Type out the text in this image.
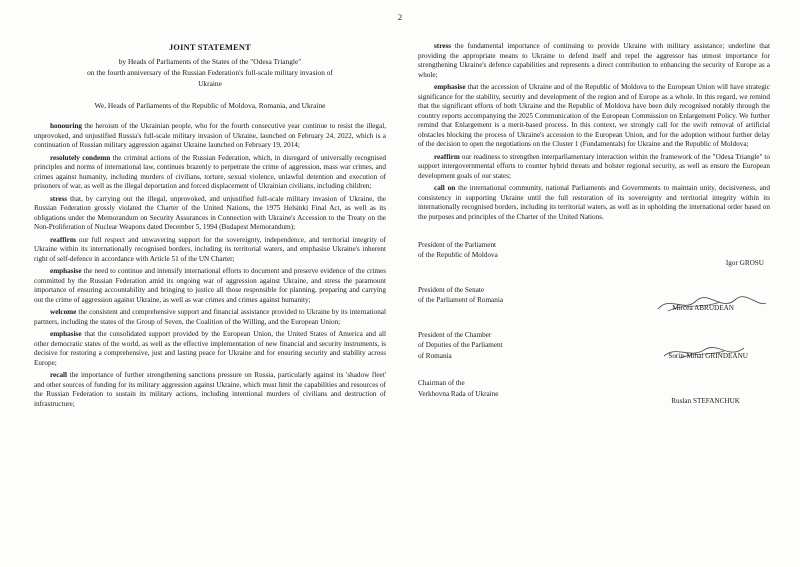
2
JOINT STATEMENT
by Heads of Parliaments of the States of the "Odesa Triangle"
on the fourth anniversary of the Russian Federation's full-scale military invasion of
Ukraine
We, Heads of Parliaments of the Republic of Moldova, Romania, and Ukraine

honouring the heroism of the Ukrainian people, who for the fourth consecutive year continue to resist the illegal, unprovoked, and unjustified Russia's full-scale military invasion of Ukraine, launched on February 24, 2022, which is a continuation of Russian military aggression against Ukraine launched on February 19, 2014;

resolutely condemn the criminal actions of the Russian Federation, which, in disregard of universally recognised principles and norms of international law, continues brazenly to perpetrate the crime of aggression, mass war crimes, and crimes against humanity, including murders of civilians, torture, sexual violence, unlawful detention and execution of prisoners of war, as well as the illegal deportation and forced displacement of Ukrainian civilians, including children;

stress that, by carrying out the illegal, unprovoked, and unjustified full-scale military invasion of Ukraine, the Russian Federation grossly violated the Charter of the United Nations, the 1975 Helsinki Final Act, as well as its obligations under the Memorandum on Security Assurances in Connection with Ukraine's Accession to the Treaty on the Non-Proliferation of Nuclear Weapons dated December 5, 1994 (Budapest Memorandum);

reaffirm our full respect and unwavering support for the sovereignty, independence, and territorial integrity of Ukraine within its internationally recognised borders, including its territorial waters, and emphasise Ukraine's inherent right of self-defence in accordance with Article 51 of the UN Charter;

emphasise the need to continue and intensify international efforts to document and preserve evidence of the crimes committed by the Russian Federation amid its ongoing war of aggression against Ukraine, and stress the paramount importance of ensuring accountability and bringing to justice all those responsible for planning, preparing and carrying out the crime of aggression against Ukraine, as well as war crimes and crimes against humanity;

welcome the consistent and comprehensive support and financial assistance provided to Ukraine by its international partners, including the states of the Group of Seven, the Coalition of the Willing, and the European Union;

emphasise that the consolidated support provided by the European Union, the United States of America and all other democratic states of the world, as well as the effective implementation of new financial and security instruments, is decisive for restoring a comprehensive, just and lasting peace for Ukraine and for ensuring security and stability across Europe;

recall the importance of further strengthening sanctions pressure on Russia, particularly against its 'shadow fleet' and other sources of funding for its military aggression against Ukraine, which must limit the capabilities and resources of the Russian Federation to sustain its military actions, including intentional murders of civilians and destruction of infrastructure;

stress the fundamental importance of continuing to provide Ukraine with military assistance; underline that providing the appropriate means to Ukraine to defend itself and repel the aggressor has utmost importance for strengthening Ukraine's defence capabilities and represents a direct contribution to enhancing the security of Europe as a whole;

emphasise that the accession of Ukraine and of the Republic of Moldova to the European Union will have strategic significance for the stability, security and development of the region and of Europe as a whole. In this regard, we remind that the significant efforts of both Ukraine and the Republic of Moldova have been duly recognised notably through the country reports accompanying the 2025 Communication of the European Commission on Enlargement Policy. We further remind that Enlargement is a merit-based process. In this context, we strongly call for the swift removal of artificial obstacles blocking the process of Ukraine's accession to the European Union, and for the adoption without further delay of the decision to open the negotiations on the Cluster 1 (Fundamentals) for Ukraine and the Republic of Moldova;

reaffirm our readiness to strengthen interparliamentary interaction within the framework of the "Odesa Triangle" to support intergovernmental efforts to counter hybrid threats and bolster regional security, as well as ensure the European development goals of our states;

call on the international community, national Parliaments and Governments to maintain unity, decisiveness, and consistency in supporting Ukraine until the full restoration of its sovereignty and territorial integrity within its internationally recognised borders, including its territorial waters, as well as in upholding the international order based on the purposes and principles of the Charter of the United Nations.

President of the Parliament
of the Republic of Moldova
Igor GROSU
President of the Senate
of the Parliament of Romania
Mircea ABRUDEAN
President of the Chamber
of Deputies of the Parliament
of Romania	Sorin-Mihai GRINDEANU
Chairman of the
Verkhovna Rada of Ukraine
Ruslan STEFANCHUK
